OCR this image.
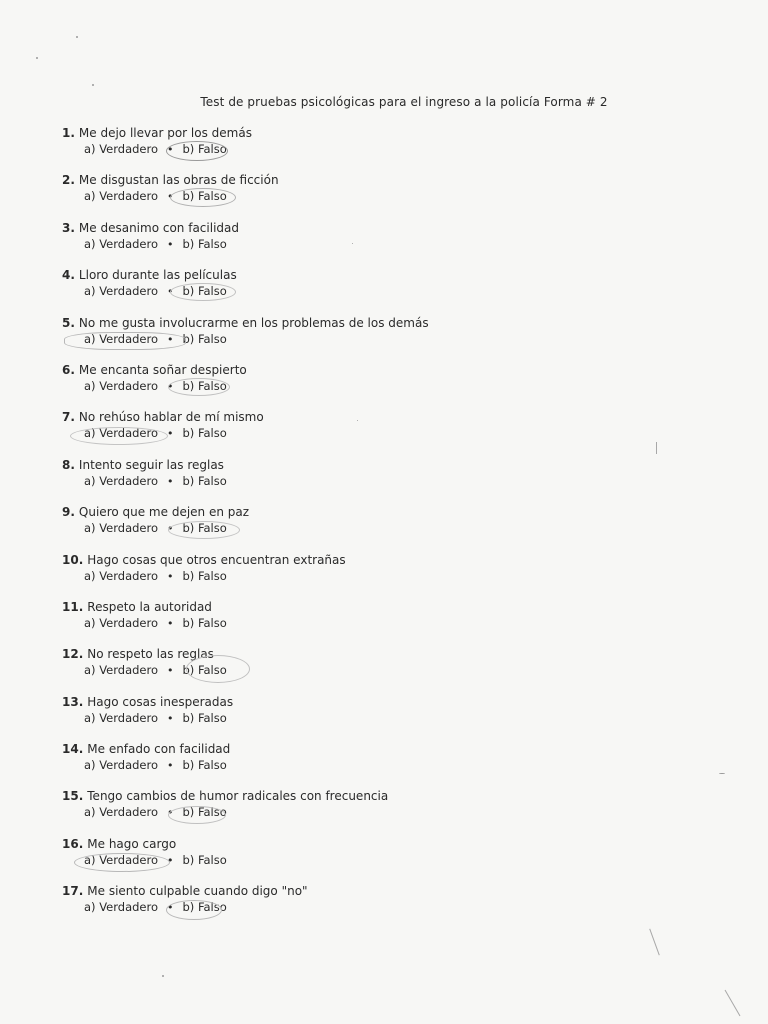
Test de pruebas psicológicas para el ingreso a la policía Forma # 2
1. Me dejo llevar por los demás
a) Verdadero • b) Falso
2. Me disgustan las obras de ficción
a) Verdadero • b) Falso
3. Me desanimo con facilidad
a) Verdadero • b) Falso
4. Lloro durante las películas
a) Verdadero • b) Falso
5. No me gusta involucrarme en los problemas de los demás
a) Verdadero • b) Falso
6. Me encanta soñar despierto
a) Verdadero • b) Falso
7. No rehúso hablar de mí mismo
a) Verdadero • b) Falso
8. Intento seguir las reglas
a) Verdadero • b) Falso
9. Quiero que me dejen en paz
a) Verdadero • b) Falso
10. Hago cosas que otros encuentran extrañas
a) Verdadero • b) Falso
11. Respeto la autoridad
a) Verdadero • b) Falso
12. No respeto las reglas
a) Verdadero • b) Falso
13. Hago cosas inesperadas
a) Verdadero • b) Falso
14. Me enfado con facilidad
a) Verdadero • b) Falso
15. Tengo cambios de humor radicales con frecuencia
a) Verdadero • b) Falso
16. Me hago cargo
a) Verdadero • b) Falso
17. Me siento culpable cuando digo "no"
a) Verdadero • b) Falso
